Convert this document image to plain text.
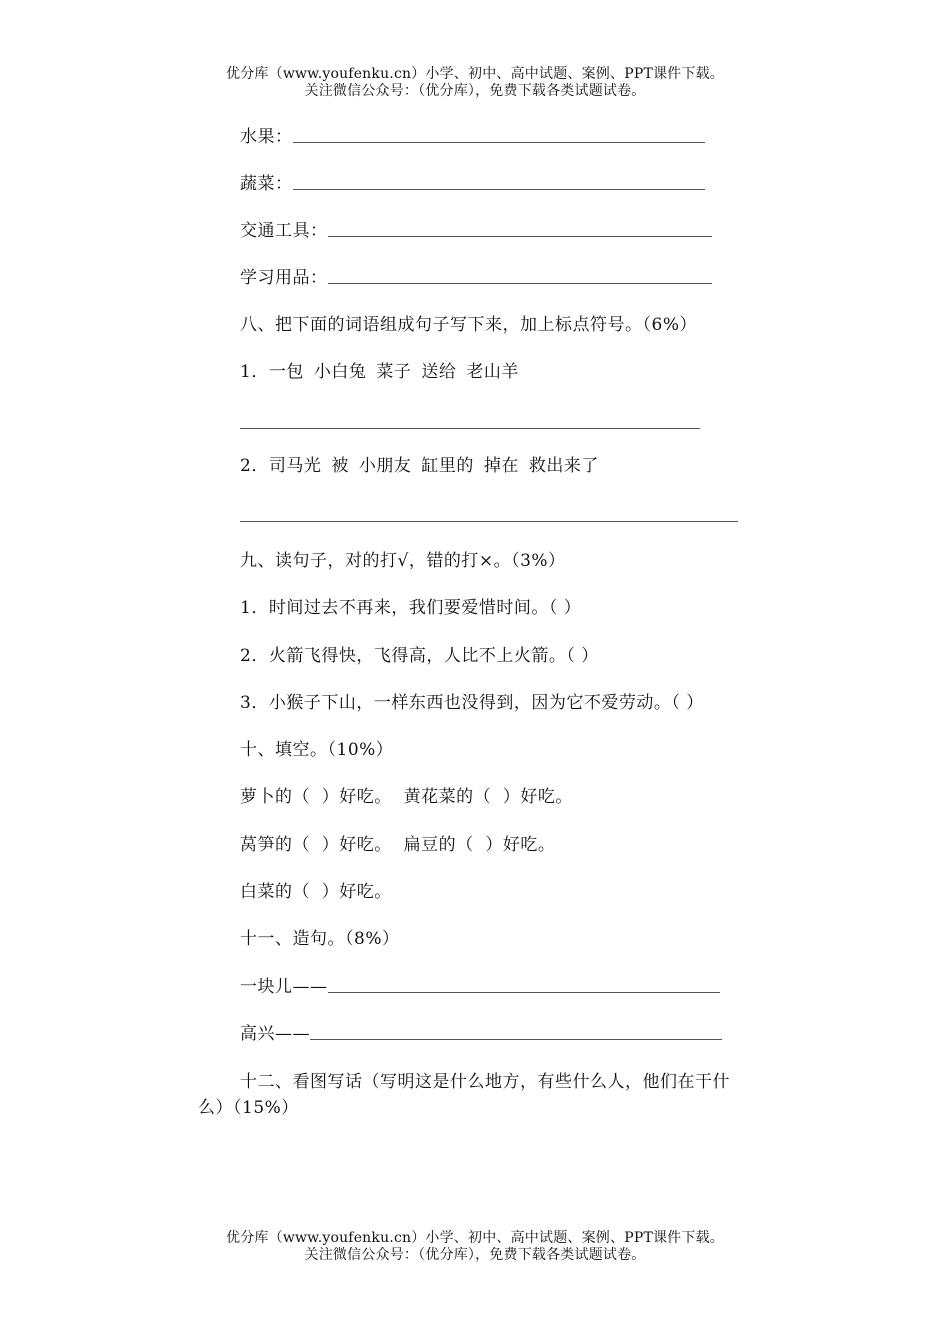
优分库（www.youfenku.cn）小学、初中、高中试题、案例、PPT课件下载。
关注微信公众号：（优分库），免费下载各类试题试卷。
水果：
蔬菜：
交通工具：
学习用品：
八、把下面的词语组成句子写下来，加上标点符号。（6%）
1．一包 小白兔 菜子 送给 老山羊
2．司马光 被 小朋友 缸里的 掉在 救出来了
九、读句子，对的打√，错的打×。（3%）
1．时间过去不再来，我们要爱惜时间。（ ）
2．火箭飞得快，飞得高，人比不上火箭。（ ）
3．小猴子下山，一样东西也没得到，因为它不爱劳动。（ ）
十、填空。（10%）
萝卜的（  ）好吃。  黄花菜的（  ）好吃。
莴笋的（  ）好吃。  扁豆的（  ）好吃。
白菜的（  ）好吃。
十一、造句。（8%）
一块儿——
高兴——
十二、看图写话（写明这是什么地方，有些什么人，他们在干什
么）（15%）
优分库（www.youfenku.cn）小学、初中、高中试题、案例、PPT课件下载。
关注微信公众号：（优分库），免费下载各类试题试卷。
